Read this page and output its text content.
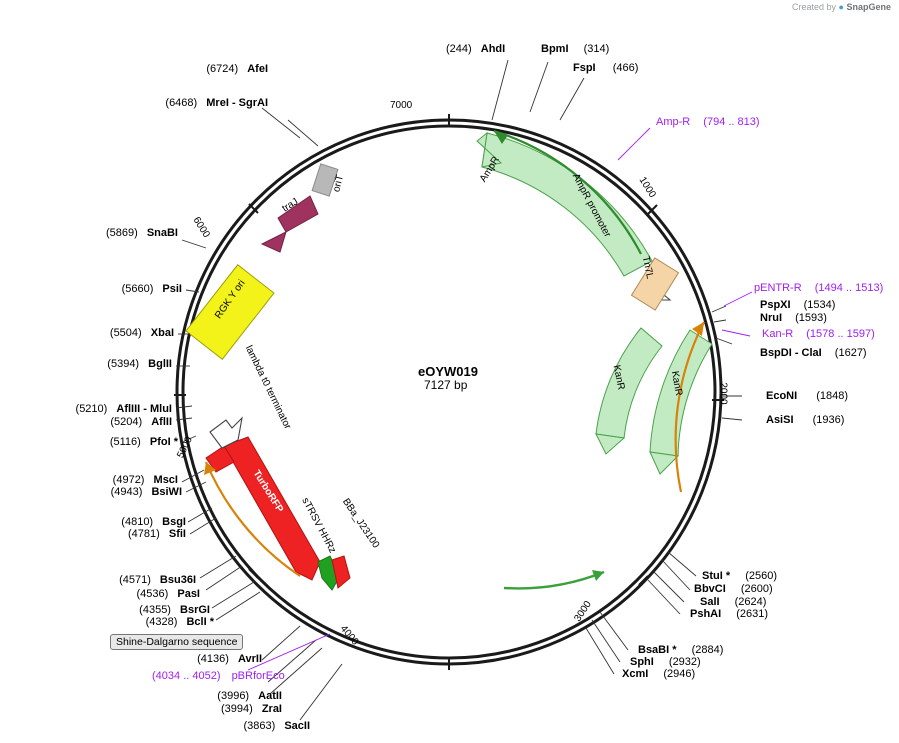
Created by ● SnapGene
eOYW019
7127 bp
1000
2000
3000
4000
5000
6000
7000
AmpR
AmpR promoter
Tn7L
KanR	KanR
traJ
oriT
RGK Y ori
lambda t0 terminator
TurboRFP
sTRSV HHRz BBa_J23100
Amp-R (794 .. 813)
pENTR-R (1494 .. 1513)
Kan-R (1578 .. 1597)
(4034 .. 4052) pBRforEco
Shine-Dalgarno sequence
(244) AhdI	BpmI (314)
FspI (466)
(6724) AfeI
(6468) MreI - SgrAI
(5869) SnaBI
(5660) PsiI
(5504) XbaI
(5394) BglII
(5210) AflIII - MluI
(5204) AflII
(5116) PfoI *
(4972) MscI
(4943) BsiWI
(4810) BsgI
(4781) SfiI
(4571) Bsu36I
(4536) PasI
(4355) BsrGI
(4328) BclI *
(4136) AvrII
(3996) AatII
(3994) ZraI
(3863) SacII
PspXI (1534)
NruI (1593)
BspDI - ClaI (1627)
EcoNI (1848)
AsiSI (1936)
StuI * (2560)
BbvCI (2600)
SalI (2624)
PshAI (2631)
BsaBI * (2884)
SphI (2932)
XcmI (2946)
